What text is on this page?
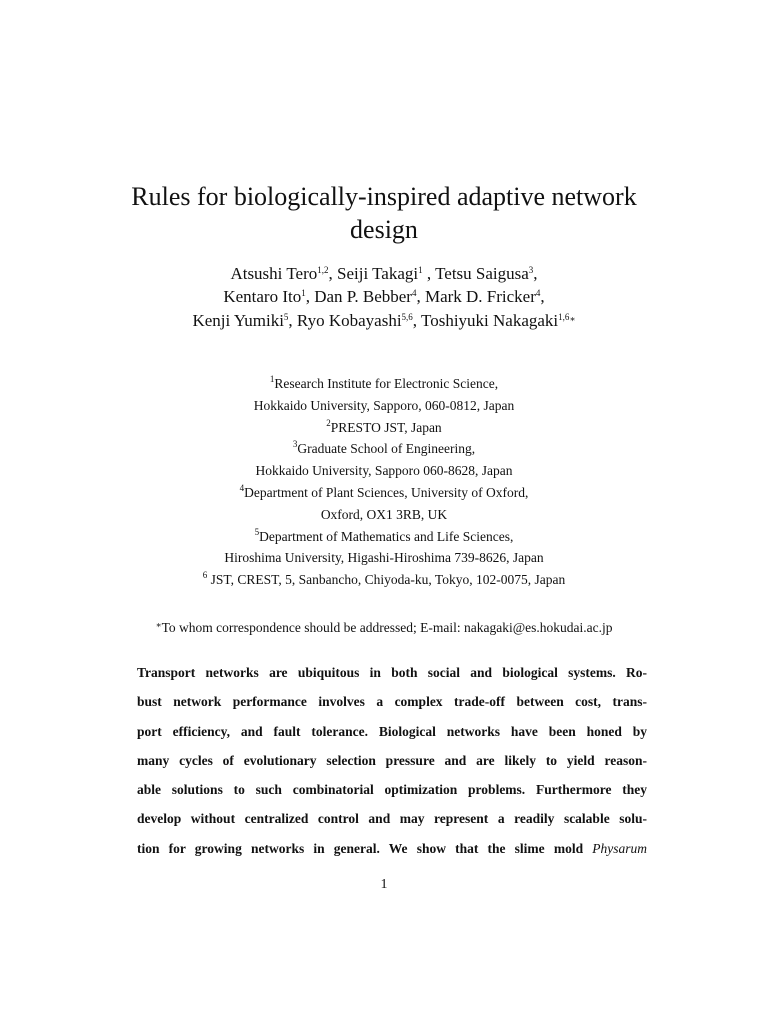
Rules for biologically-inspired adaptive network
design
Atsushi Tero$^{1,2}$, Seiji Takagi$^1$ , Tetsu Saigusa$^3$,
Kentaro Ito$^1$, Dan P. Bebber$^4$, Mark D. Fricker$^4$,
Kenji Yumiki$^5$, Ryo Kobayashi$^{5,6}$, Toshiyuki Nakagaki$^{1,6∗}$
$^1$Research Institute for Electronic Science,
Hokkaido University, Sapporo, 060-0812, Japan
$^2$PRESTO JST, Japan
$^3$Graduate School of Engineering,
Hokkaido University, Sapporo 060-8628, Japan
$^4$Department of Plant Sciences, University of Oxford,
Oxford, OX1 3RB, UK
$^5$Department of Mathematics and Life Sciences,
Hiroshima University, Higashi-Hiroshima 739-8626, Japan
$^6$ JST, CREST, 5, Sanbancho, Chiyoda-ku, Tokyo, 102-0075, Japan
∗To whom correspondence should be addressed; E-mail: nakagaki@es.hokudai.ac.jp
Transport networks are ubiquitous in both social and biological systems. Ro-
bust network performance involves a complex trade-off between cost, trans-
port efficiency, and fault tolerance. Biological networks have been honed by
many cycles of evolutionary selection pressure and are likely to yield reason-
able solutions to such combinatorial optimization problems. Furthermore they
develop without centralized control and may represent a readily scalable solu-
tion for growing networks in general. We show that the slime mold Physarum
1
